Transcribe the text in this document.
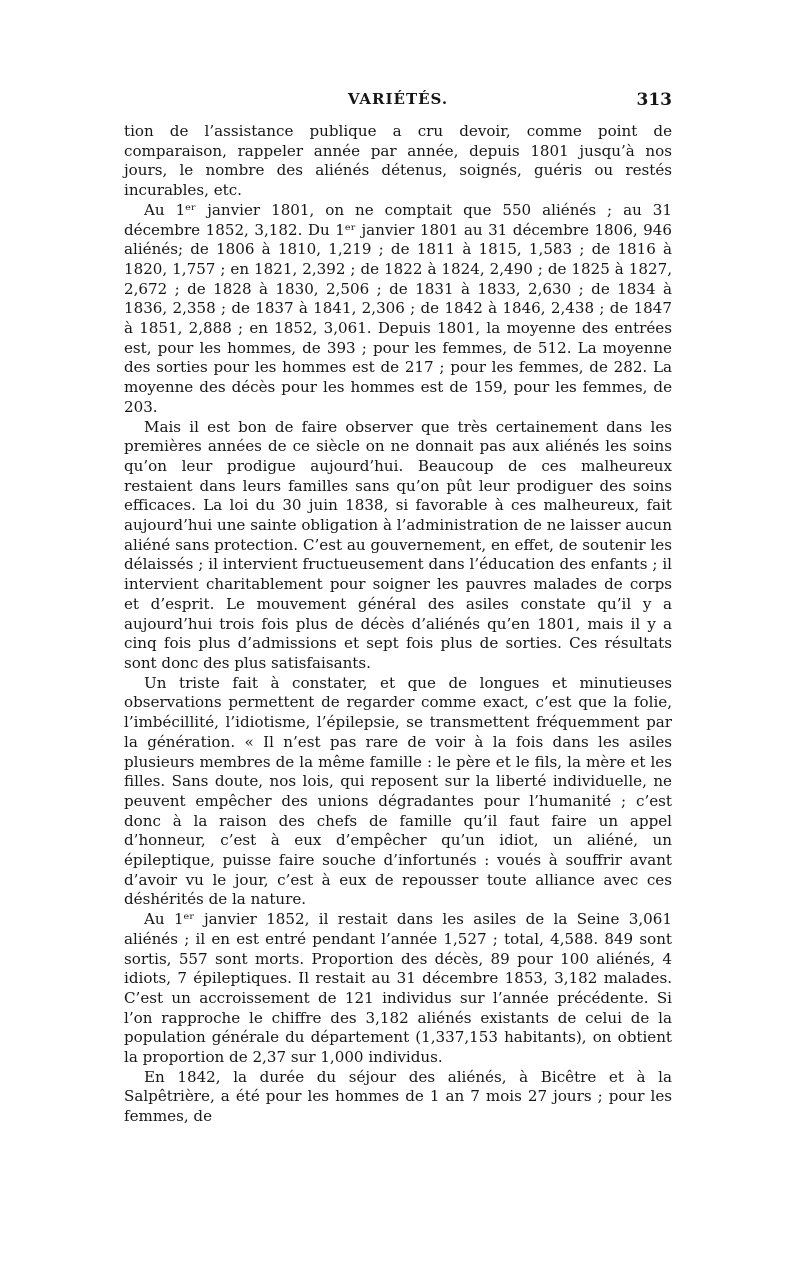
VARIÉTÉS.	313

tion de l’assistance publique a cru devoir, comme point de comparaison, rappeler année par année, depuis 1801 jusqu’à nos jours, le nombre des aliénés détenus, soignés, guéris ou restés incurables, etc.

Au 1ᵉʳ janvier 1801, on ne comptait que 550 aliénés ; au 31 décembre 1852, 3,182. Du 1ᵉʳ janvier 1801 au 31 décembre 1806, 946 aliénés; de 1806 à 1810, 1,219 ; de 1811 à 1815, 1,583 ; de 1816 à 1820, 1,757 ; en 1821, 2,392 ; de 1822 à 1824, 2,490 ; de 1825 à 1827, 2,672 ; de 1828 à 1830, 2,506 ; de 1831 à 1833, 2,630 ; de 1834 à 1836, 2,358 ; de 1837 à 1841, 2,306 ; de 1842 à 1846, 2,438 ; de 1847 à 1851, 2,888 ; en 1852, 3,061. Depuis 1801, la moyenne des entrées est, pour les hommes, de 393 ; pour les femmes, de 512. La moyenne des sorties pour les hommes est de 217 ; pour les femmes, de 282. La moyenne des décès pour les hommes est de 159, pour les femmes, de 203.

Mais il est bon de faire observer que très certainement dans les premières années de ce siècle on ne donnait pas aux aliénés les soins qu’on leur prodigue aujourd’hui. Beaucoup de ces malheureux restaient dans leurs familles sans qu’on pût leur prodiguer des soins efficaces. La loi du 30 juin 1838, si favorable à ces malheureux, fait aujourd’hui une sainte obligation à l’administration de ne laisser aucun aliéné sans protection. C’est au gouvernement, en effet, de soutenir les délaissés ; il intervient fructueusement dans l’éducation des enfants ; il intervient charitablement pour soigner les pauvres malades de corps et d’esprit. Le mouvement général des asiles constate qu’il y a aujourd’hui trois fois plus de décès d’aliénés qu’en 1801, mais il y a cinq fois plus d’admissions et sept fois plus de sorties. Ces résultats sont donc des plus satisfaisants.

Un triste fait à constater, et que de longues et minutieuses observations permettent de regarder comme exact, c’est que la folie, l’imbécillité, l’idiotisme, l’épilepsie, se transmettent fréquemment par la génération. « Il n’est pas rare de voir à la fois dans les asiles plusieurs membres de la même famille : le père et le fils, la mère et les filles. Sans doute, nos lois, qui reposent sur la liberté individuelle, ne peuvent empêcher des unions dégradantes pour l’humanité ; c’est donc à la raison des chefs de famille qu’il faut faire un appel d’honneur, c’est à eux d’empêcher qu’un idiot, un aliéné, un épileptique, puisse faire souche d’infortunés : voués à souffrir avant d’avoir vu le jour, c’est à eux de repousser toute alliance avec ces déshérités de la nature.

Au 1ᵉʳ janvier 1852, il restait dans les asiles de la Seine 3,061 aliénés ; il en est entré pendant l’année 1,527 ; total, 4,588. 849 sont sortis, 557 sont morts. Proportion des décès, 89 pour 100 aliénés, 4 idiots, 7 épileptiques. Il restait au 31 décembre 1853, 3,182 malades. C’est un accroissement de 121 individus sur l’année précédente. Si l’on rapproche le chiffre des 3,182 aliénés existants de celui de la population générale du département (1,337,153 habitants), on obtient la proportion de 2,37 sur 1,000 individus.

En 1842, la durée du séjour des aliénés, à Bicêtre et à la Salpêtrière, a été pour les hommes de 1 an 7 mois 27 jours ; pour les femmes, de
